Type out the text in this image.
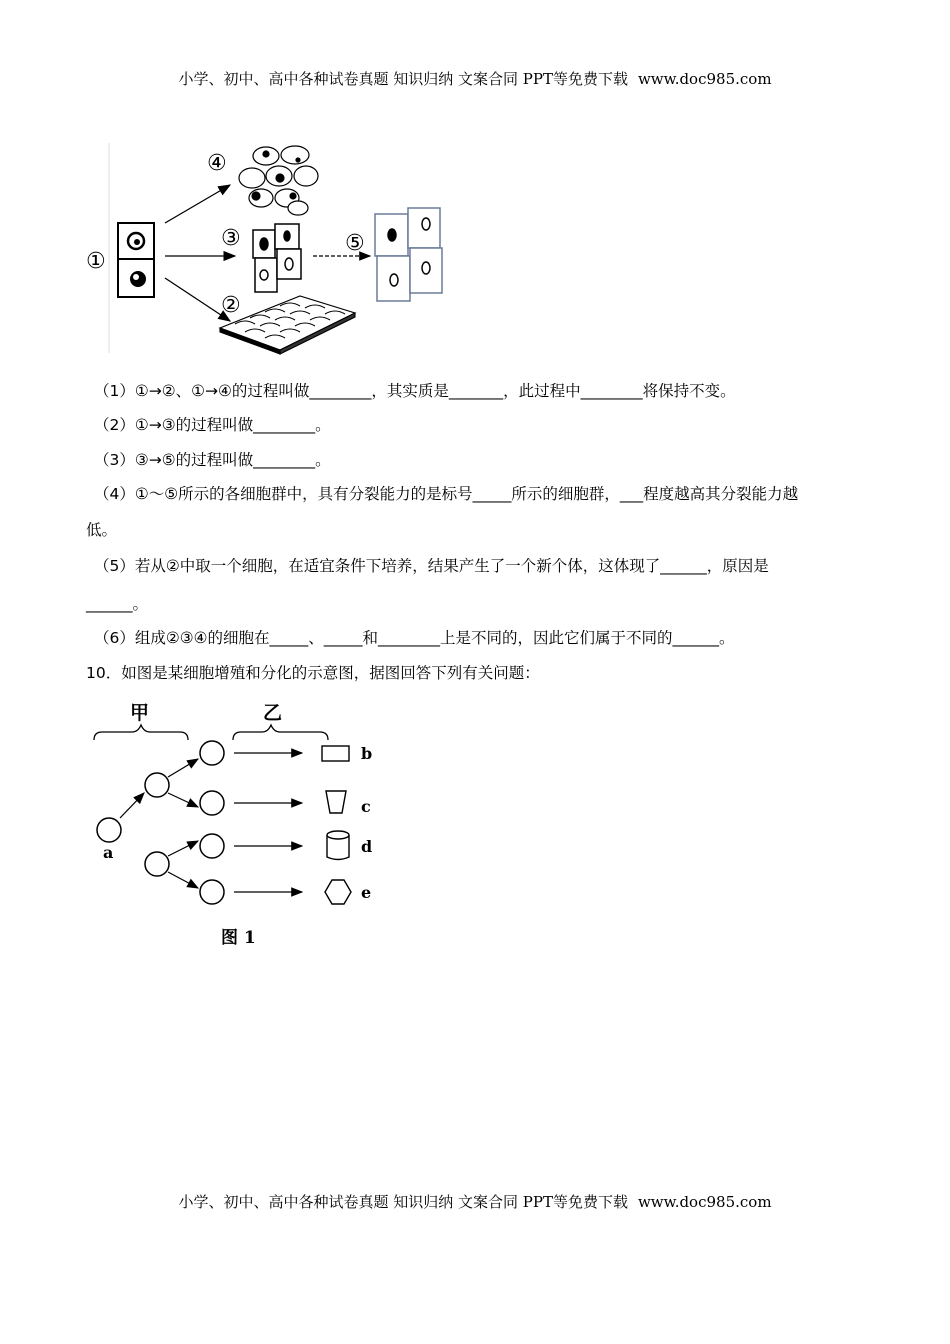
小学、初中、高中各种试卷真题 知识归纳 文案合同 PPT等免费下载 www.doc985.com
①
④
③	⑤
②
（1）①→②、①→④的过程叫做________，其实质是_______，此过程中________将保持不变。
（2）①→③的过程叫做________。
（3）③→⑤的过程叫做________。
（4）①～⑤所示的各细胞群中，具有分裂能力的是标号_____所示的细胞群，___程度越高其分裂能力越
低。
（5）若从②中取一个细胞，在适宜条件下培养，结果产生了一个新个体，这体现了______，原因是
______。
（6）组成②③④的细胞在_____、_____和________上是不同的，因此它们属于不同的______。
10．如图是某细胞增殖和分化的示意图，据图回答下列有关问题：
甲	乙
a
b
c
d
e
图 1
小学、初中、高中各种试卷真题 知识归纳 文案合同 PPT等免费下载 www.doc985.com
